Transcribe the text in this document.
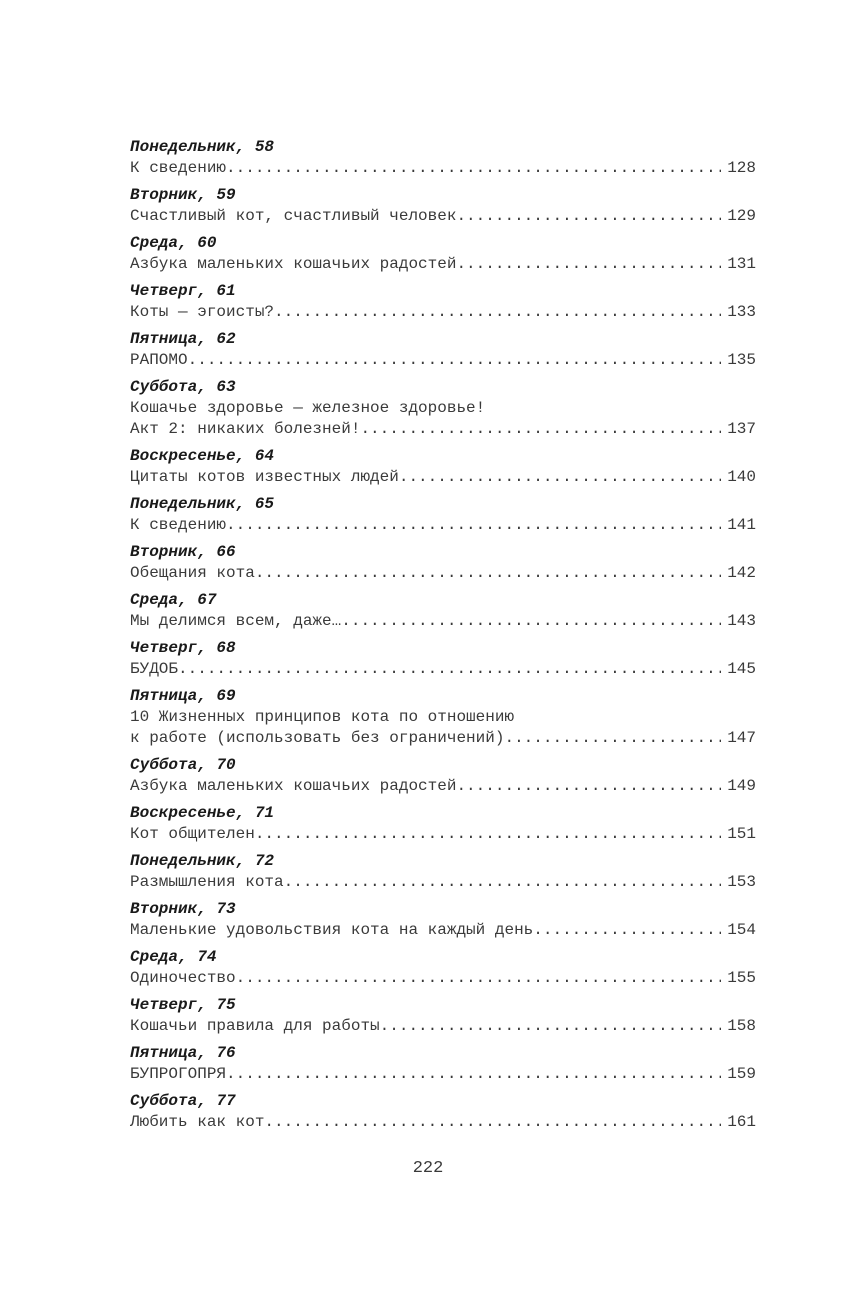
Понедельник, 58
К сведению .....	128
Вторник, 59
Счастливый кот, счастливый человек .....	129
Среда, 60
Азбука маленьких кошачьих радостей .....	131
Четверг, 61
Коты — эгоисты? .....	133
Пятница, 62
РАПОМО .....	135
Суббота, 63
Кошачье здоровье — железное здоровье!
Акт 2: никаких болезней! .....	137
Воскресенье, 64
Цитаты котов известных людей .....	140
Понедельник, 65
К сведению .....	141
Вторник, 66
Обещания кота .....	142
Среда, 67
Мы делимся всем, даже… .....	143
Четверг, 68
БУДОБ .....	145
Пятница, 69
10 Жизненных принципов кота по отношению
к работе (использовать без ограничений) .....	147
Суббота, 70
Азбука маленьких кошачьих радостей .....	149
Воскресенье, 71
Кот общителен .....	151
Понедельник, 72
Размышления кота .....	153
Вторник, 73
Маленькие удовольствия кота на каждый день .....	154
Среда, 74
Одиночество .....	155
Четверг, 75
Кошачьи правила для работы .....	158
Пятница, 76
БУПРОГОПРЯ .....	159
Суббота, 77
Любить как кот .....	161
222
